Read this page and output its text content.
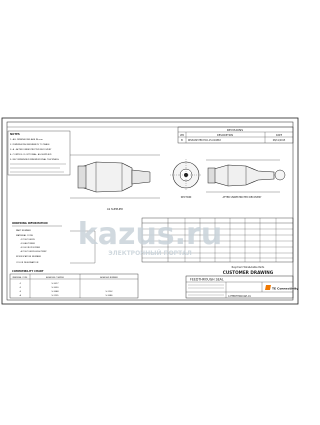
REVISIONS
LTR	DESCRIPTION	DATE
B RELEASE PER ECO-15-010863	08/11/2015
NOTES
1. ALL DIMENSIONS ARE IN mm
2. DIMENSIONS REFERENCE TO TABLE
3. A - AFTER UNRESTRICTED RECOVERY
4. CONTROL IS OPTIONAL, AS SUPPLIED
5. RECOMMENDED MINIMUM FINAL THICKNESS
AS SUPPLIED
SECTION	AFTER UNRESTRICTED RECOVERY
ORDERING INFORMATION
PART NUMBER
MATERIAL CODE
-1 POLYOLEFIN
-2 ELASTOMER
-3 FLUOROPOLYMER
-4 POLYOLEFIN HIGH TEMP
MODIFICATION NUMBER
COLOR DESIGNATION
COMPATIBILITY CHART
MATERIAL CODE	ADHESIVE COATING	ADHESIVE NUMBER
-1	S-1017
-2	S-1030
-3	S-1048	S-1102
-4	S-1125	S-1086
Raychem Wire&Cable Parts
CUSTOMER DRAWING
FEEDTHROUGH SEAL
TE Connectivity
C-FEEDTHROUGH-01
kazus.ru
ЭЛЕКТРОННЫЙ ПОРТАЛ
